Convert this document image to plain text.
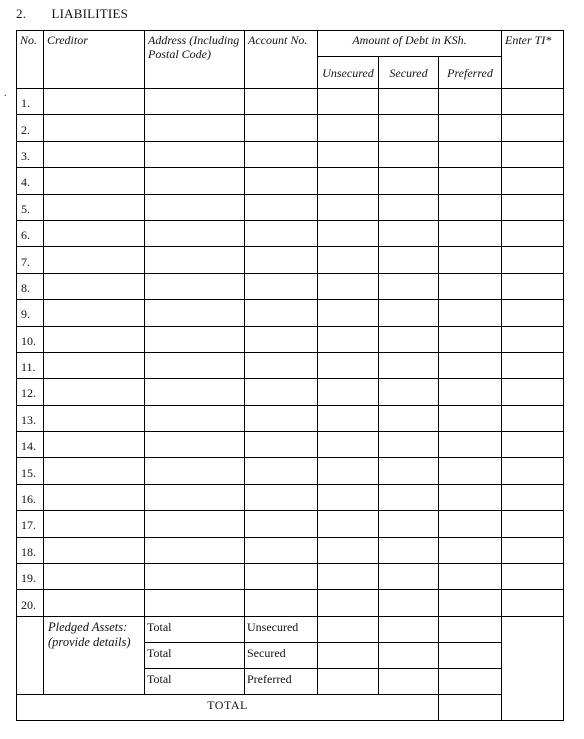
2. LIABILITIES
.
No.	Creditor	Address (Including Postal Code)	Account No.	Amount of Debt in KSh.			Enter TI*
				Unsecured	Secured	Preferred	
1.							
2.							
3.							
4.							
5.							
6.							
7.							
8.							
9.							
10.							
11.							
12.							
13.							
14.							
15.							
16.							
17.							
18.							
19.							
20.							
	Pledged Assets: (provide details)	Total	Unsecured				
		Total	Secured				
		Total	Preferred				
TOTAL							
